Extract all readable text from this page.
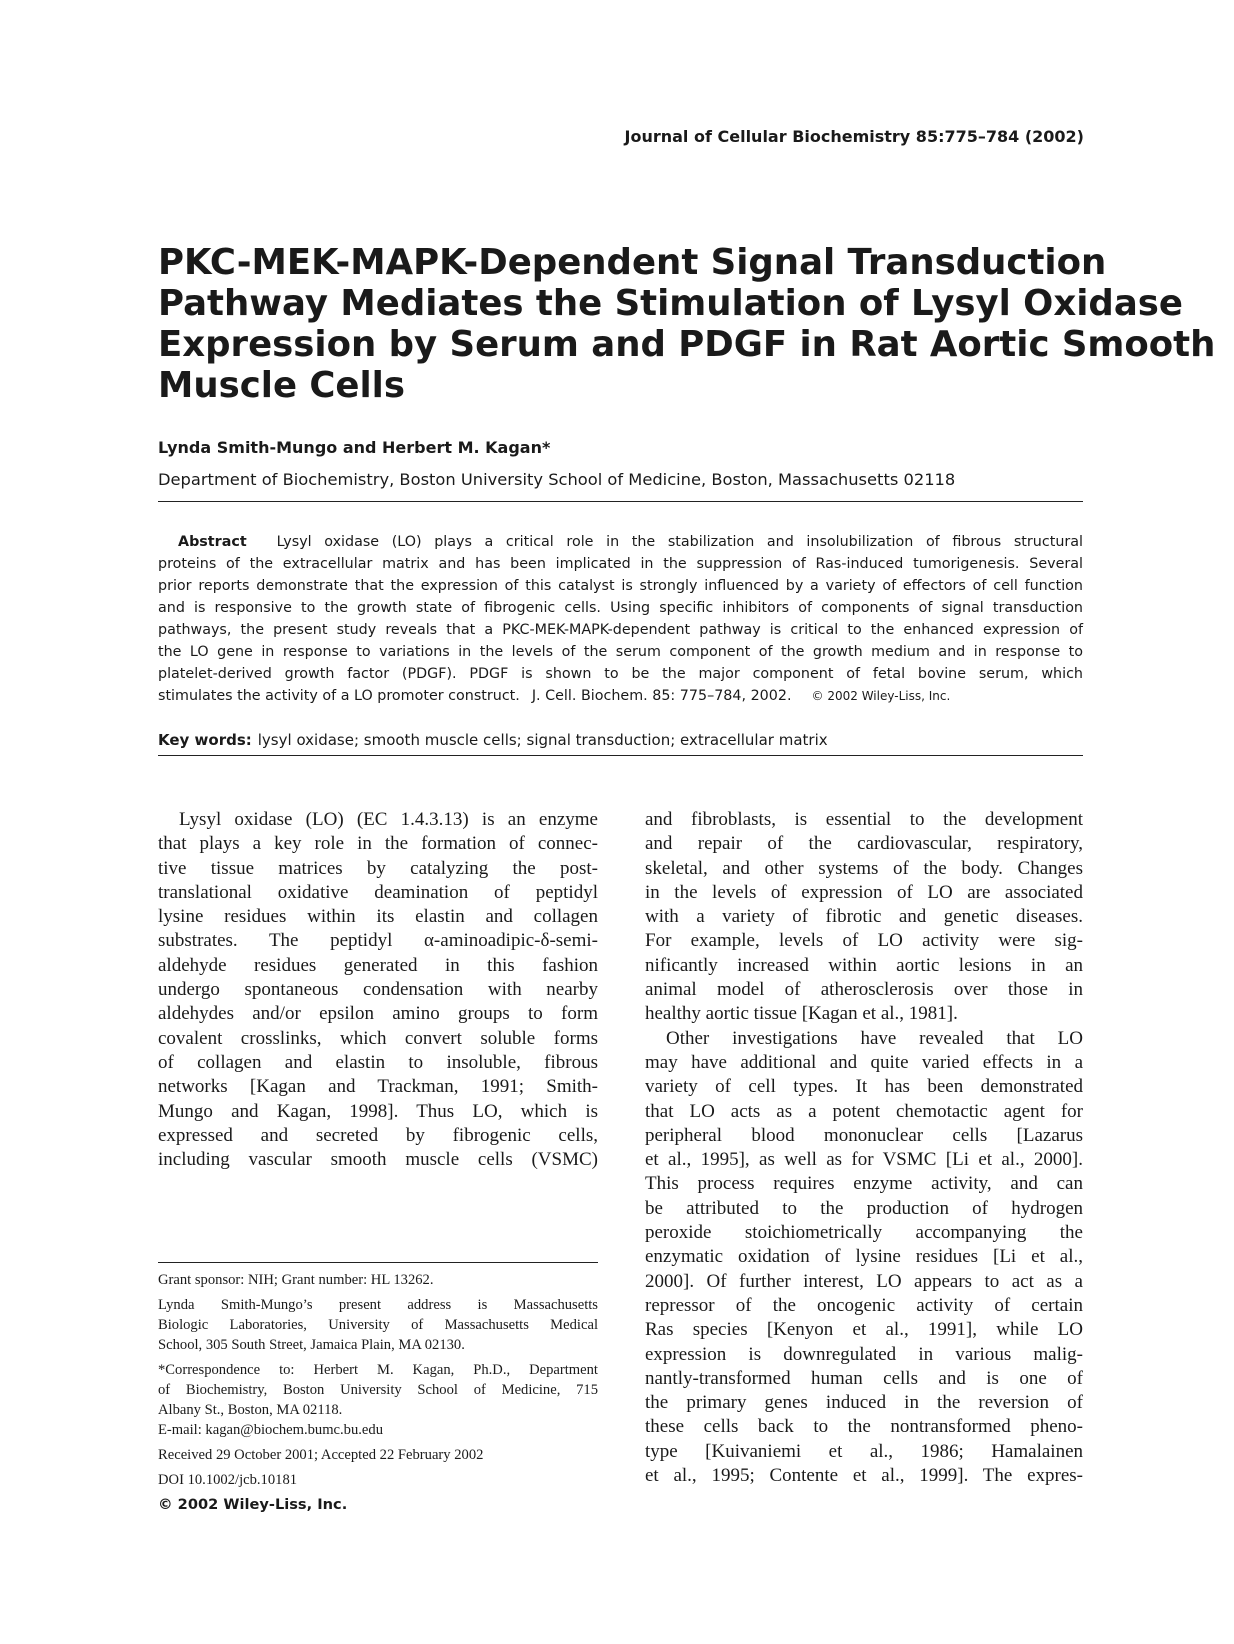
Journal of Cellular Biochemistry 85:775–784 (2002)
PKC-MEK-MAPK-Dependent Signal Transduction
Pathway Mediates the Stimulation of Lysyl Oxidase
Expression by Serum and PDGF in Rat Aortic Smooth
Muscle Cells
Lynda Smith-Mungo and Herbert M. Kagan*
Department of Biochemistry, Boston University School of Medicine, Boston, Massachusetts 02118
Abstract Lysyl oxidase (LO) plays a critical role in the stabilization and insolubilization of fibrous structural
proteins of the extracellular matrix and has been implicated in the suppression of Ras-induced tumorigenesis. Several
prior reports demonstrate that the expression of this catalyst is strongly influenced by a variety of effectors of cell function
and is responsive to the growth state of fibrogenic cells. Using specific inhibitors of components of signal transduction
pathways, the present study reveals that a PKC-MEK-MAPK-dependent pathway is critical to the enhanced expression of
the LO gene in response to variations in the levels of the serum component of the growth medium and in response to
platelet-derived growth factor (PDGF). PDGF is shown to be the major component of fetal bovine serum, which
stimulates the activity of a LO promoter construct. J. Cell. Biochem. 85: 775–784, 2002. © 2002 Wiley-Liss, Inc.
Key words: lysyl oxidase; smooth muscle cells; signal transduction; extracellular matrix
Lysyl oxidase (LO) (EC 1.4.3.13) is an enzyme
that plays a key role in the formation of connec-
tive tissue matrices by catalyzing the post-
translational oxidative deamination of peptidyl
lysine residues within its elastin and collagen
substrates. The peptidyl α-aminoadipic-δ-semi-
aldehyde residues generated in this fashion
undergo spontaneous condensation with nearby
aldehydes and/or epsilon amino groups to form
covalent crosslinks, which convert soluble forms
of collagen and elastin to insoluble, fibrous
networks [Kagan and Trackman, 1991; Smith-
Mungo and Kagan, 1998]. Thus LO, which is
expressed and secreted by fibrogenic cells,
including vascular smooth muscle cells (VSMC)
and fibroblasts, is essential to the development
and repair of the cardiovascular, respiratory,
skeletal, and other systems of the body. Changes
in the levels of expression of LO are associated
with a variety of fibrotic and genetic diseases.
For example, levels of LO activity were sig-
nificantly increased within aortic lesions in an
animal model of atherosclerosis over those in
healthy aortic tissue [Kagan et al., 1981].
Other investigations have revealed that LO
may have additional and quite varied effects in a
variety of cell types. It has been demonstrated
that LO acts as a potent chemotactic agent for
peripheral blood mononuclear cells [Lazarus
et al., 1995], as well as for VSMC [Li et al., 2000].
This process requires enzyme activity, and can
be attributed to the production of hydrogen
peroxide stoichiometrically accompanying the
enzymatic oxidation of lysine residues [Li et al.,
2000]. Of further interest, LO appears to act as a
repressor of the oncogenic activity of certain
Ras species [Kenyon et al., 1991], while LO
expression is downregulated in various malig-
nantly-transformed human cells and is one of
the primary genes induced in the reversion of
these cells back to the nontransformed pheno-
type [Kuivaniemi et al., 1986; Hamalainen
et al., 1995; Contente et al., 1999]. The expres-
Grant sponsor: NIH; Grant number: HL 13262.
Lynda Smith-Mungo’s present address is Massachusetts
Biologic Laboratories, University of Massachusetts Medical
School, 305 South Street, Jamaica Plain, MA 02130.
*Correspondence to: Herbert M. Kagan, Ph.D., Department
of Biochemistry, Boston University School of Medicine, 715
Albany St., Boston, MA 02118.
E-mail: kagan@biochem.bumc.bu.edu
Received 29 October 2001; Accepted 22 February 2002
DOI 10.1002/jcb.10181
© 2002 Wiley-Liss, Inc.
